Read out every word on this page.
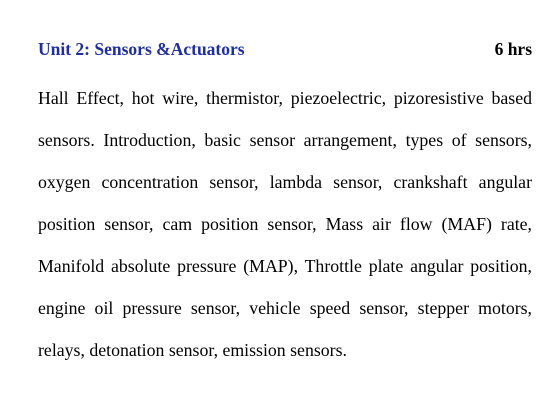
Unit 2: Sensors &Actuators	6 hrs

Hall Effect, hot wire, thermistor, piezoelectric, pizoresistive based sensors. Introduction, basic sensor arrangement, types of sensors, oxygen concentration sensor, lambda sensor, crankshaft angular position sensor, cam position sensor, Mass air flow (MAF) rate, Manifold absolute pressure (MAP), Throttle plate angular position, engine oil pressure sensor, vehicle speed sensor, stepper motors, relays, detonation sensor, emission sensors.
